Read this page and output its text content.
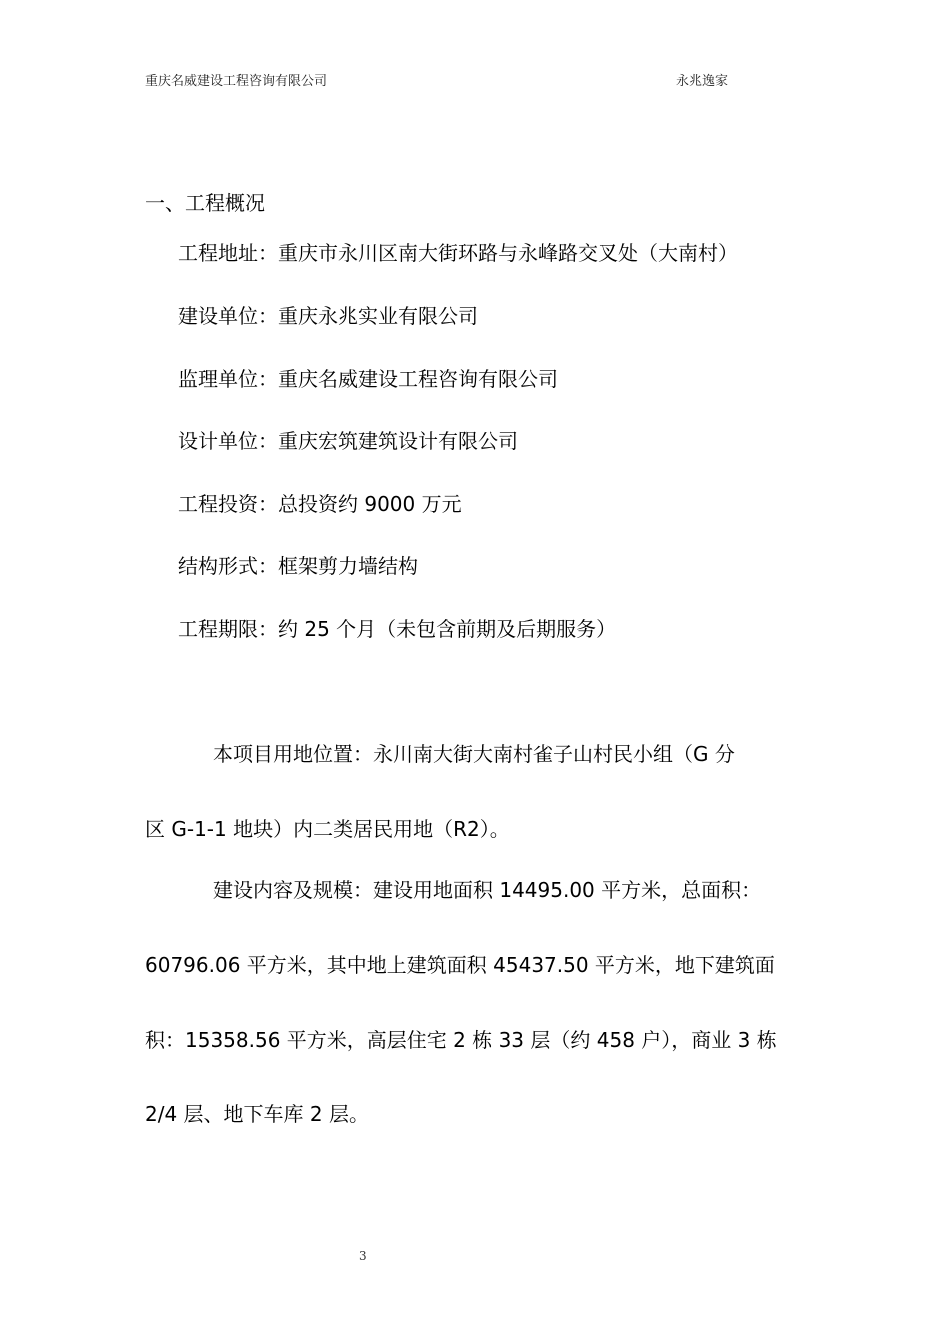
重庆名威建设工程咨询有限公司	永兆逸家
一、工程概况
工程地址：重庆市永川区南大街环路与永峰路交叉处（大南村）
建设单位：重庆永兆实业有限公司
监理单位：重庆名威建设工程咨询有限公司
设计单位：重庆宏筑建筑设计有限公司
工程投资：总投资约 9000 万元
结构形式：框架剪力墙结构
工程期限：约 25 个月（未包含前期及后期服务）
本项目用地位置：永川南大街大南村雀子山村民小组（G 分
区 G-1-1 地块）内二类居民用地（R2）。
建设内容及规模：建设用地面积 14495.00 平方米，总面积：
60796.06 平方米，其中地上建筑面积 45437.50 平方米，地下建筑面
积：15358.56 平方米，高层住宅 2 栋 33 层（约 458 户），商业 3 栋
2/4 层、地下车库 2 层。
3
